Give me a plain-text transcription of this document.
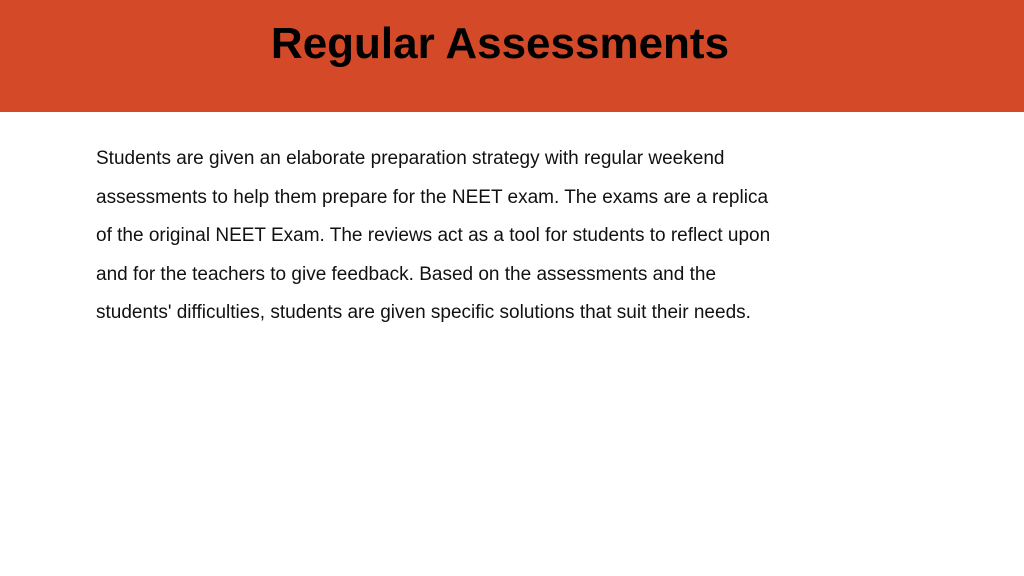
Regular Assessments

Students are given an elaborate preparation strategy with regular weekend
assessments to help them prepare for the NEET exam. The exams are a replica
of the original NEET Exam. The reviews act as a tool for students to reflect upon
and for the teachers to give feedback. Based on the assessments and the
students' difficulties, students are given specific solutions that suit their needs.
